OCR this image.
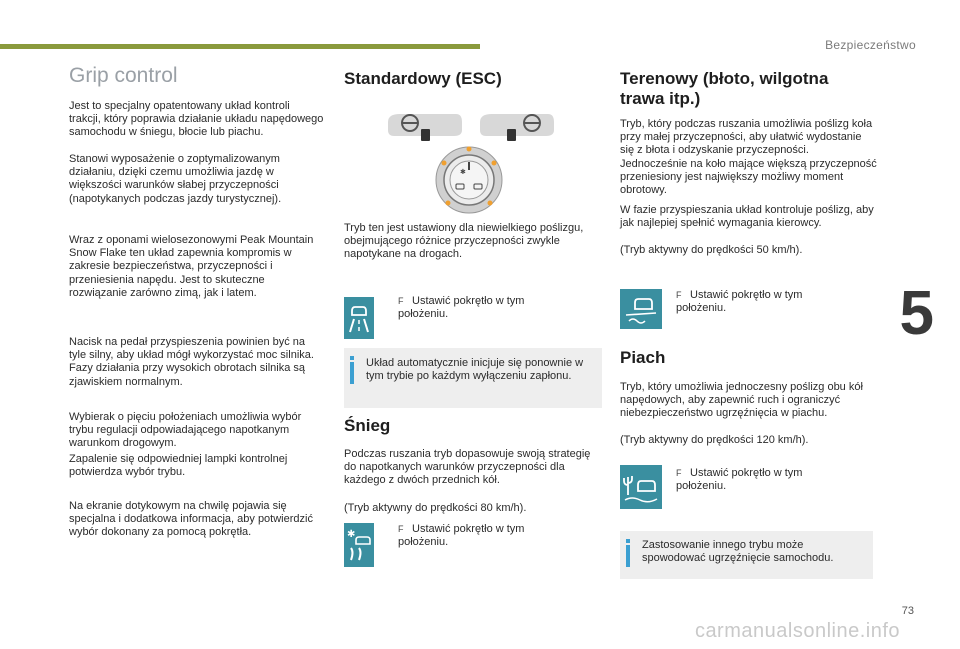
Bezpieczeństwo
5
73
carmanualsonline.info
Grip control

Jest to specjalny opatentowany układ kontroli trakcji, który poprawia działanie układu napędowego samochodu w śniegu, błocie lub piachu.

Stanowi wyposażenie o zoptymalizowanym działaniu, dzięki czemu umożliwia jazdę w większości warunków słabej przyczepności (napotykanych podczas jazdy turystycznej).

Wraz z oponami wielosezonowymi Peak Mountain Snow Flake ten układ zapewnia kompromis w zakresie bezpieczeństwa, przyczepności i przeniesienia napędu. Jest to skuteczne rozwiązanie zarówno zimą, jak i latem.

Nacisk na pedał przyspieszenia powinien być na tyle silny, aby układ mógł wykorzystać moc silnika. Fazy działania przy wysokich obrotach silnika są zjawiskiem normalnym.

Wybierak o pięciu położeniach umożliwia wybór trybu regulacji odpowiadającego napotkanym warunkom drogowym.

Zapalenie się odpowiedniej lampki kontrolnej potwierdza wybór trybu.

Na ekranie dotykowym na chwilę pojawia się specjalna i dodatkowa informacja, aby potwierdzić wybór dokonany za pomocą pokrętła.

Standardowy (ESC)
✱

Tryb ten jest ustawiony dla niewielkiego poślizgu, obejmującego różnice przyczepności zwykle napotykane na drogach.

F Ustawić pokrętło w tym położeniu.

Układ automatycznie inicjuje się ponownie w tym trybie po każdym wyłączeniu zapłonu.

Śnieg

Podczas ruszania tryb dopasowuje swoją strategię do napotkanych warunków przyczepności dla każdego z dwóch przednich kół.

(Tryb aktywny do prędkości 80 km/h).

✱	F Ustawić pokrętło w tym położeniu.
Terenowy (błoto, wilgotna
trawa itp.)

Tryb, który podczas ruszania umożliwia poślizg koła przy małej przyczepności, aby ułatwić wydostanie się z błota i odzyskanie przyczepności. Jednocześnie na koło mające większą przyczepność przeniesiony jest największy możliwy moment obrotowy.

W fazie przyspieszania układ kontroluje poślizg, aby jak najlepiej spełnić wymagania kierowcy.

(Tryb aktywny do prędkości 50 km/h).

F Ustawić pokrętło w tym położeniu.
Piach

Tryb, który umożliwia jednoczesny poślizg obu kół napędowych, aby zapewnić ruch i ograniczyć niebezpieczeństwo ugrzęźnięcia w piachu.

(Tryb aktywny do prędkości 120 km/h).

F Ustawić pokrętło w tym położeniu.

Zastosowanie innego trybu może spowodować ugrzęźnięcie samochodu.
